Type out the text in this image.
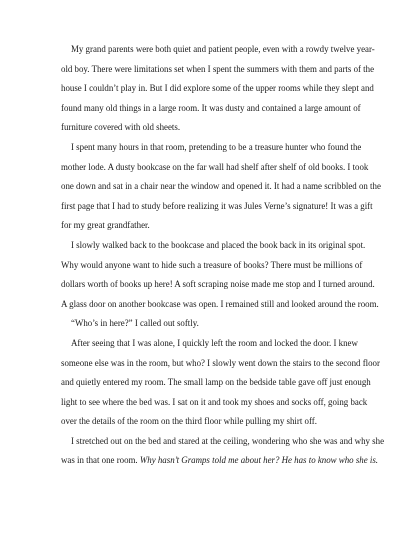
My grand parents were both quiet and patient people, even with a rowdy twelve year-
old boy. There were limitations set when I spent the summers with them and parts of the
house I couldn’t play in. But I did explore some of the upper rooms while they slept and
found many old things in a large room. It was dusty and contained a large amount of
furniture covered with old sheets.

I spent many hours in that room, pretending to be a treasure hunter who found the
mother lode. A dusty bookcase on the far wall had shelf after shelf of old books. I took
one down and sat in a chair near the window and opened it. It had a name scribbled on the
first page that I had to study before realizing it was Jules Verne’s signature! It was a gift
for my great grandfather.

I slowly walked back to the bookcase and placed the book back in its original spot.
Why would anyone want to hide such a treasure of books? There must be millions of
dollars worth of books up here! A soft scraping noise made me stop and I turned around.
A glass door on another bookcase was open. I remained still and looked around the room.

“Who’s in here?” I called out softly.

After seeing that I was alone, I quickly left the room and locked the door. I knew
someone else was in the room, but who? I slowly went down the stairs to the second floor
and quietly entered my room. The small lamp on the bedside table gave off just enough
light to see where the bed was. I sat on it and took my shoes and socks off, going back
over the details of the room on the third floor while pulling my shirt off.

I stretched out on the bed and stared at the ceiling, wondering who she was and why she
was in that one room. Why hasn’t Gramps told me about her? He has to know who she is.
